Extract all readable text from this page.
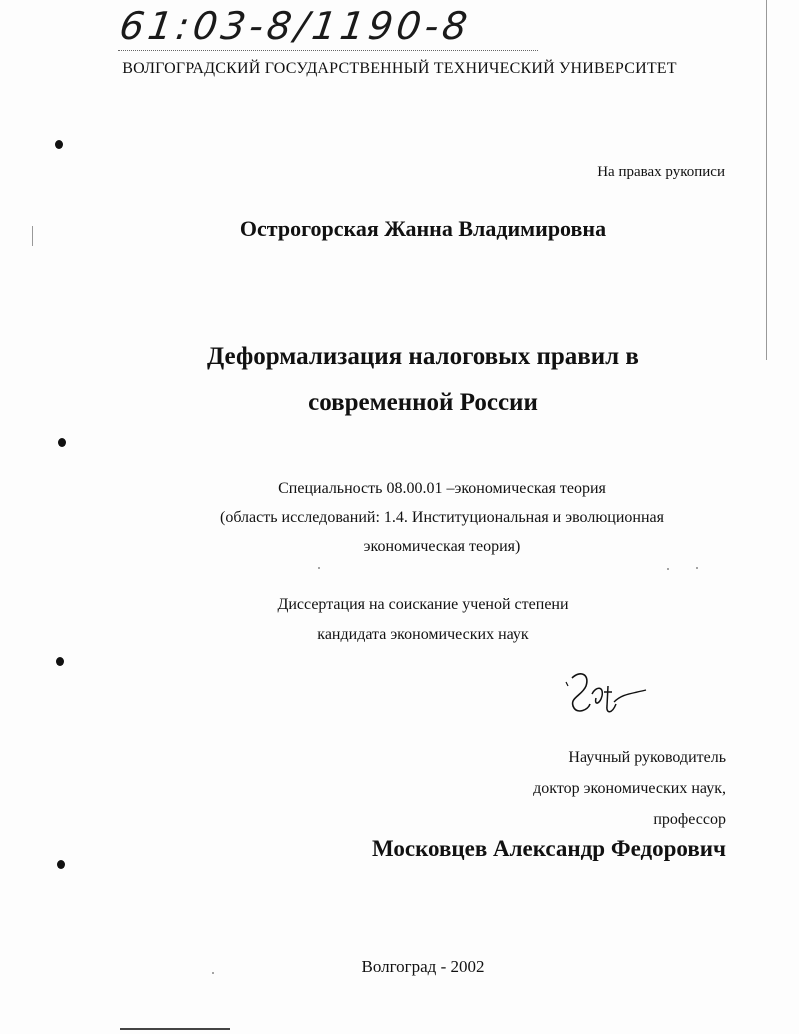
61:03-8/1190-8
ВОЛГОГРАДСКИЙ ГОСУДАРСТВЕННЫЙ ТЕХНИЧЕСКИЙ УНИВЕРСИТЕТ
На правах рукописи
Острогорская Жанна Владимировна
Деформализация налоговых правил в
современной России
Специальность 08.00.01 –экономическая теория
(область исследований: 1.4. Институциональная и эволюционная
экономическая теория)
Диссертация на соискание ученой степени
кандидата экономических наук
Научный руководитель
доктор экономических наук,
профессор
Московцев Александр Федорович
Волгоград - 2002
